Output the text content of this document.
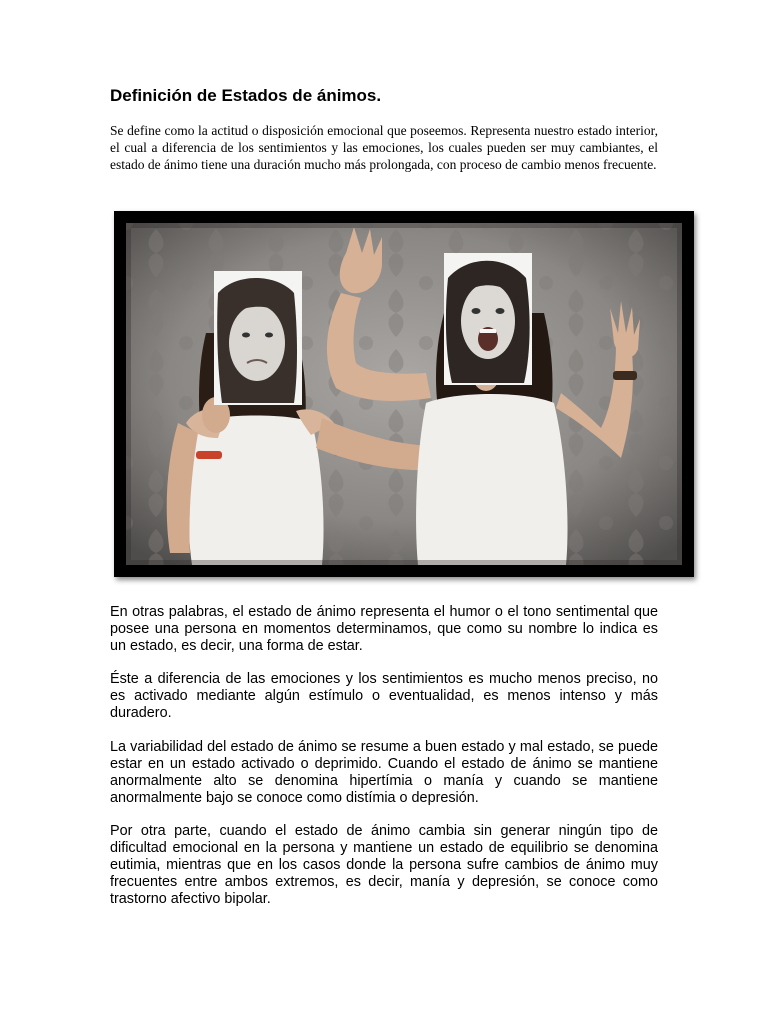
Definición de Estados de ánimos.

Se define como la actitud o disposición emocional que poseemos. Representa nuestro estado interior, el cual a diferencia de los sentimientos y las emociones, los cuales pueden ser muy cambiantes, el estado de ánimo tiene una duración mucho más prolongada, con proceso de cambio menos frecuente.

En otras palabras, el estado de ánimo representa el humor o el tono sentimental que posee una persona en momentos determinamos, que como su nombre lo indica es un estado, es decir, una forma de estar.

Éste a diferencia de las emociones y los sentimientos es mucho menos preciso, no es activado mediante algún estímulo o eventualidad, es menos intenso y más duradero.

La variabilidad del estado de ánimo se resume a buen estado y mal estado, se puede estar en un estado activado o deprimido. Cuando el estado de ánimo se mantiene anormalmente alto se denomina hipertímia o manía y cuando se mantiene anormalmente bajo se conoce como distímia o depresión.

Por otra parte, cuando el estado de ánimo cambia sin generar ningún tipo de dificultad emocional en la persona y mantiene un estado de equilibrio se denomina eutimia, mientras que en los casos donde la persona sufre cambios de ánimo muy frecuentes entre ambos extremos, es decir, manía y depresión, se conoce como trastorno afectivo bipolar.
